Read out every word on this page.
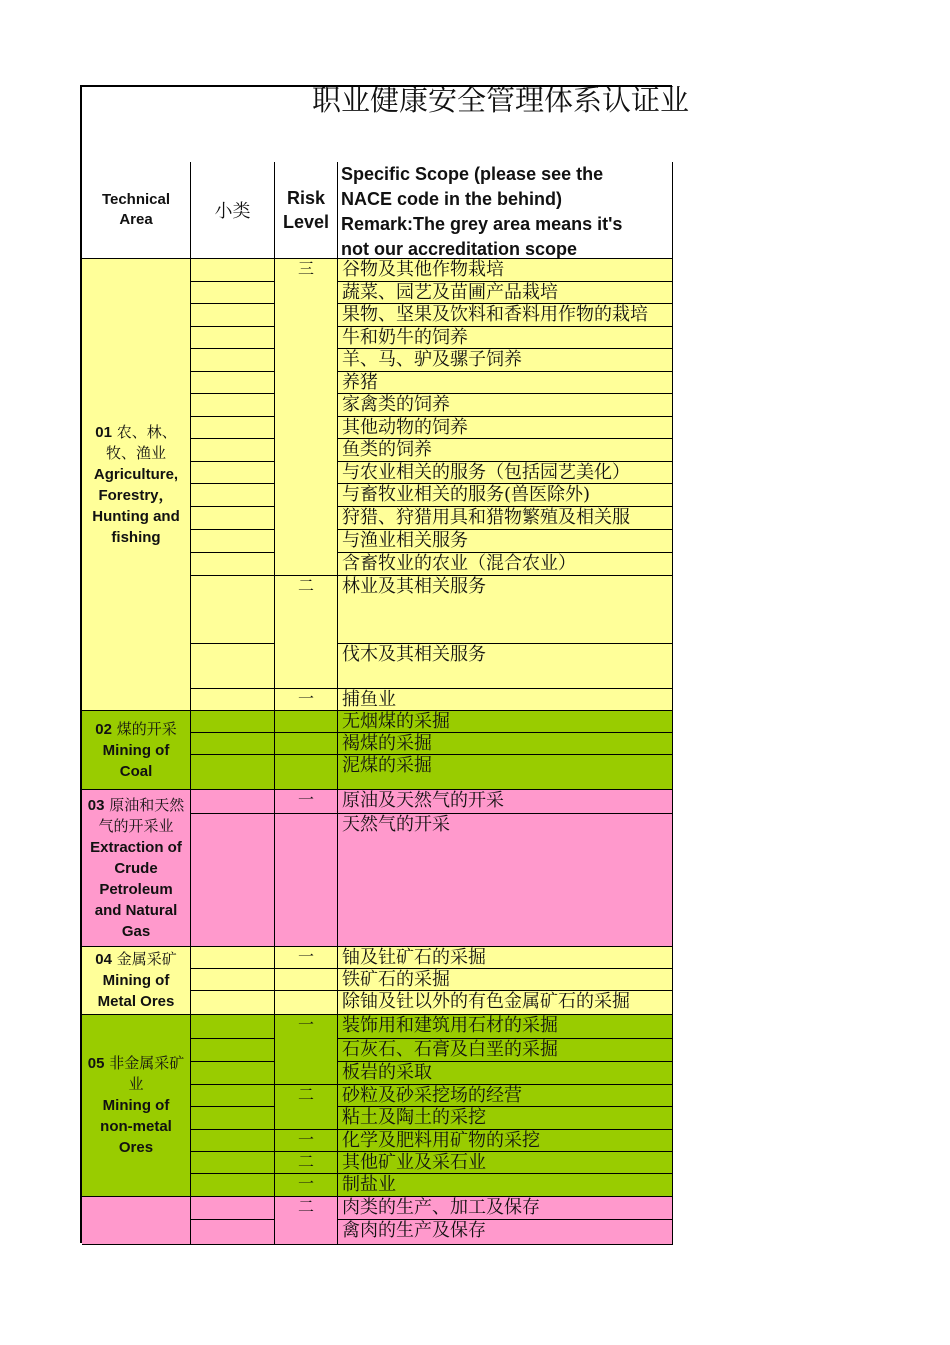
职业健康安全管理体系认证业
Technical Area	小类
Risk Level
Specific Scope (please see the
NACE code in the behind)
Remark:The grey area means it's
not our accreditation scope
01 农、林、牧、渔业
Agriculture, Forestry，Hunting and fishing
02 煤的开采
Mining of Coal
03 原油和天然气的开采业
Extraction of Crude Petroleum and Natural Gas
04 金属采矿
Mining of Metal Ores
05 非金属采矿业
Mining of non-metal Ores
三
二
一
一
一
一
二
一
二
一
二
谷物及其他作物栽培
蔬菜、园艺及苗圃产品栽培
果物、坚果及饮料和香料用作物的栽培
牛和奶牛的饲养
羊、马、驴及骡子饲养
养猪
家禽类的饲养
其他动物的饲养
鱼类的饲养
与农业相关的服务（包括园艺美化）
与畜牧业相关的服务(兽医除外)
狩猎、狩猎用具和猎物繁殖及相关服
与渔业相关服务
含畜牧业的农业（混合农业）
林业及其相关服务
伐木及其相关服务
捕鱼业
无烟煤的采掘
褐煤的采掘
泥煤的采掘
原油及天然气的开采
天然气的开采
铀及钍矿石的采掘
铁矿石的采掘
除铀及钍以外的有色金属矿石的采掘
装饰用和建筑用石材的采掘
石灰石、石膏及白垩的采掘
板岩的采取
砂粒及砂采挖场的经营
粘土及陶土的采挖
化学及肥料用矿物的采挖
其他矿业及采石业
制盐业
肉类的生产、加工及保存
禽肉的生产及保存
